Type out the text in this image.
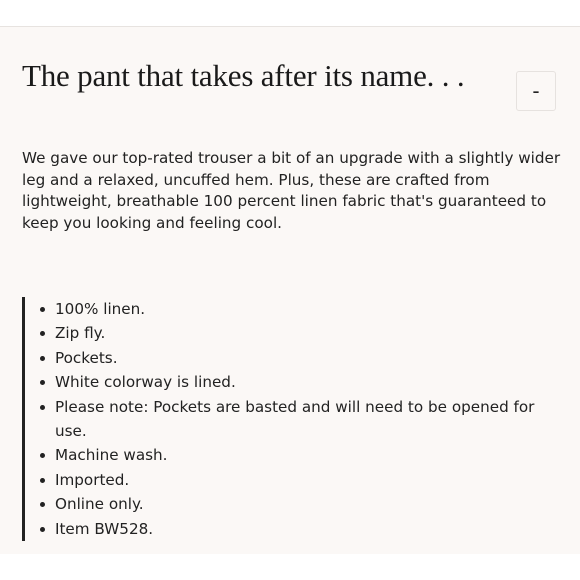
The pant that takes after its name. . .	-

We gave our top-rated trouser a bit of an upgrade with a slightly wider leg and a relaxed, uncuffed hem. Plus, these are crafted from lightweight, breathable 100 percent linen fabric that's guaranteed to keep you looking and feeling cool.

100% linen.
Zip fly.
Pockets.
White colorway is lined.
Please note: Pockets are basted and will need to be opened for use.
Machine wash.
Imported.
Online only.
Item BW528.
